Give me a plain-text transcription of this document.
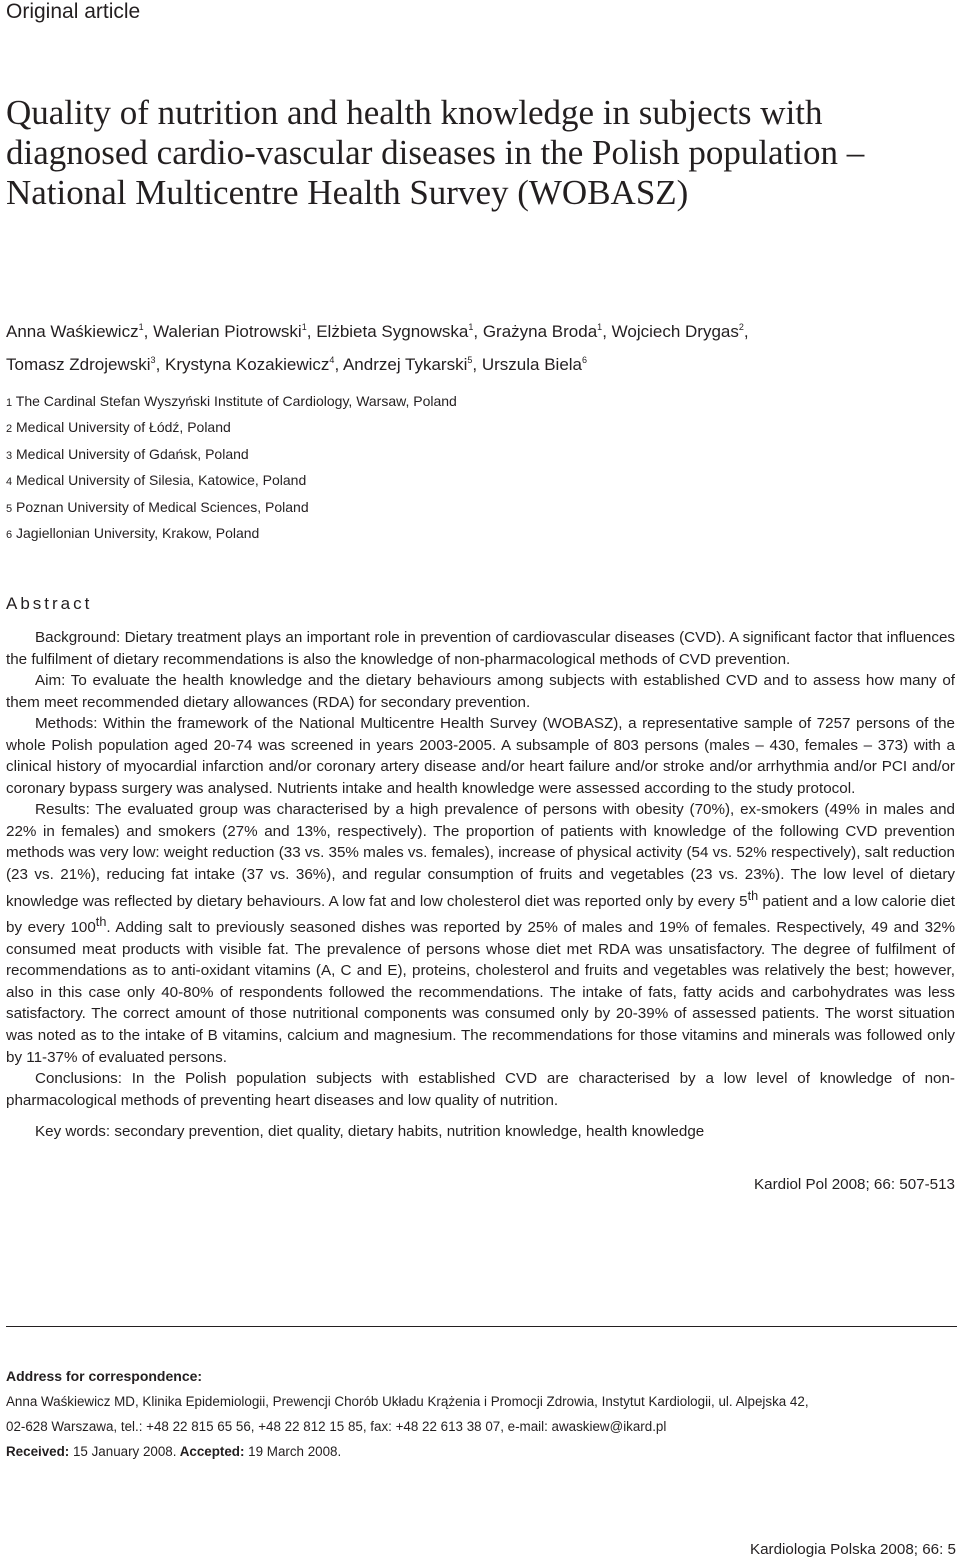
Original article
Quality of nutrition and health knowledge in subjects with diagnosed cardio-vascular diseases in the Polish population – National Multicentre Health Survey (WOBASZ)
Anna Waśkiewicz$^1$, Walerian Piotrowski$^1$, Elżbieta Sygnowska$^1$, Grażyna Broda$^1$, Wojciech Drygas$^2$,
Tomasz Zdrojewski$^3$, Krystyna Kozakiewicz$^4$, Andrzej Tykarski$^5$, Urszula Biela$^6$
1 The Cardinal Stefan Wyszyński Institute of Cardiology, Warsaw, Poland
2 Medical University of Łódź, Poland
3 Medical University of Gdańsk, Poland
4 Medical University of Silesia, Katowice, Poland
5 Poznan University of Medical Sciences, Poland
6 Jagiellonian University, Krakow, Poland
Abstract

Background: Dietary treatment plays an important role in prevention of cardiovascular diseases (CVD). A significant factor that influences the fulfilment of dietary recommendations is also the knowledge of non-pharmacological methods of CVD prevention.

Aim: To evaluate the health knowledge and the dietary behaviours among subjects with established CVD and to assess how many of them meet recommended dietary allowances (RDA) for secondary prevention.

Methods: Within the framework of the National Multicentre Health Survey (WOBASZ), a representative sample of 7257 persons of the whole Polish population aged 20-74 was screened in years 2003-2005. A subsample of 803 persons (males – 430, females – 373) with a clinical history of myocardial infarction and/or coronary artery disease and/or heart failure and/or stroke and/or arrhythmia and/or PCI and/or coronary bypass surgery was analysed. Nutrients intake and health knowledge were assessed according to the study protocol.

Results: The evaluated group was characterised by a high prevalence of persons with obesity (70%), ex-smokers (49% in males and 22% in females) and smokers (27% and 13%, respectively). The proportion of patients with knowledge of the following CVD prevention methods was very low: weight reduction (33 vs. 35% males vs. females), increase of physical activity (54 vs. 52% respectively), salt reduction (23 vs. 21%), reducing fat intake (37 vs. 36%), and regular consumption of fruits and vegetables (23 vs. 23%). The low level of dietary knowledge was reflected by dietary behaviours. A low fat and low cholesterol diet was reported only by every 5th patient and a low calorie diet by every 100th. Adding salt to previously seasoned dishes was reported by 25% of males and 19% of females. Respectively, 49 and 32% consumed meat products with visible fat. The prevalence of persons whose diet met RDA was unsatisfactory. The degree of fulfilment of recommendations as to anti-oxidant vitamins (A, C and E), proteins, cholesterol and fruits and vegetables was relatively the best; however, also in this case only 40-80% of respondents followed the recommendations. The intake of fats, fatty acids and carbohydrates was less satisfactory. The correct amount of those nutritional components was consumed only by 20-39% of assessed patients. The worst situation was noted as to the intake of B vitamins, calcium and magnesium. The recommendations for those vitamins and minerals was followed only by 11-37% of evaluated persons.

Conclusions: In the Polish population subjects with established CVD are characterised by a low level of knowledge of non-pharmacological methods of preventing heart diseases and low quality of nutrition.

Key words: secondary prevention, diet quality, dietary habits, nutrition knowledge, health knowledge
Kardiol Pol 2008; 66: 507-513
Address for correspondence:
Anna Waśkiewicz MD, Klinika Epidemiologii, Prewencji Chorób Układu Krążenia i Promocji Zdrowia, Instytut Kardiologii, ul. Alpejska 42,
02-628 Warszawa, tel.: +48 22 815 65 56, +48 22 812 15 85, fax: +48 22 613 38 07, e-mail: awaskiew@ikard.pl
Received: 15 January 2008. Accepted: 19 March 2008.
Kardiologia Polska 2008; 66: 5
